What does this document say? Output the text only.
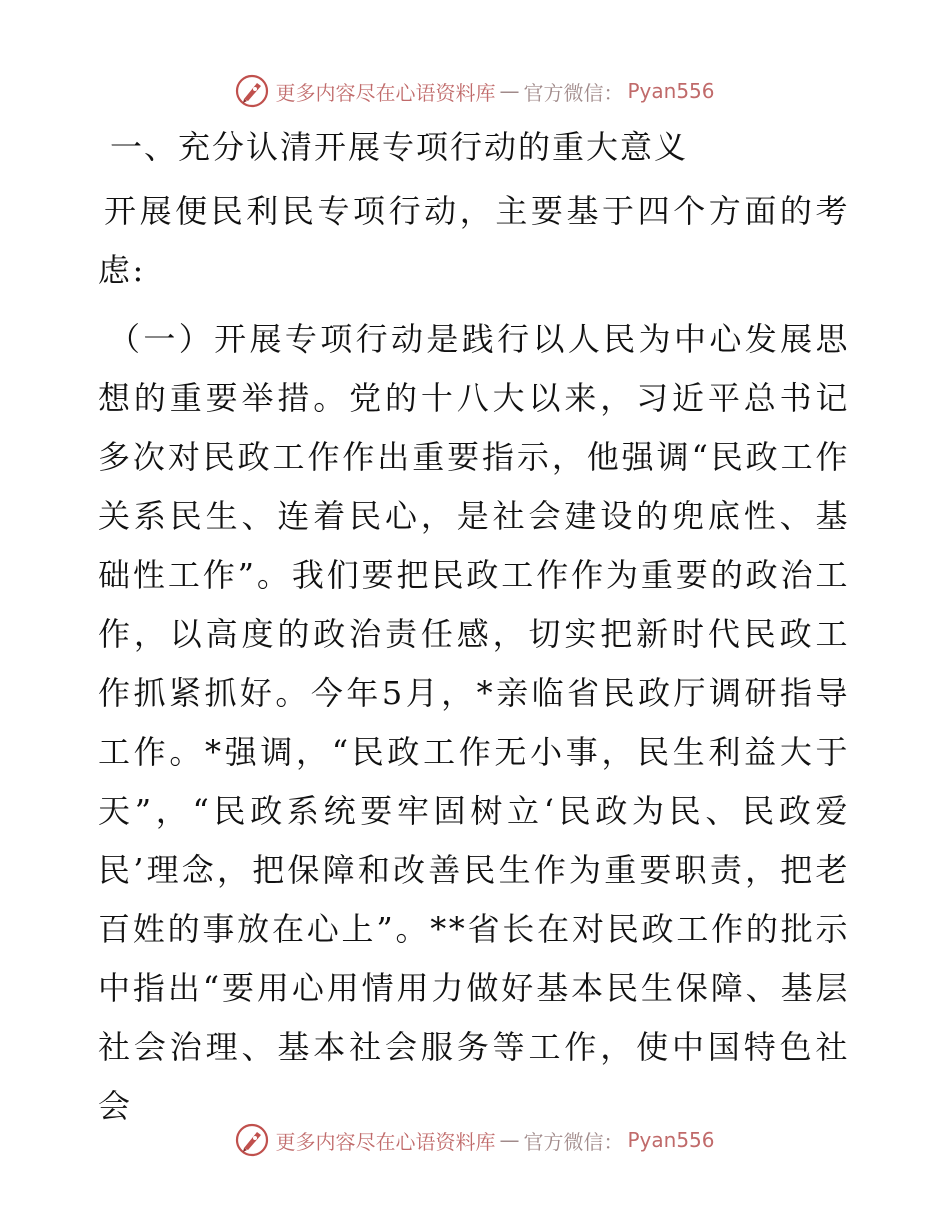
更多内容尽在心语资料库 — 官方微信： Pyan556
一、充分认清开展专项行动的重大意义

开展便民利民专项行动，主要基于四个方面的考虑:

（一）开展专项行动是践行以人民为中心发展思想的重要举措。党的十八大以来，习近平总书记多次对民政工作作出重要指示，他强调“民政工作关系民生、连着民心，是社会建设的兜底性、基础性工作”。我们要把民政工作作为重要的政治工作，以高度的政治责任感，切实把新时代民政工作抓紧抓好。今年5月，*亲临省民政厅调研指导工作。*强调，“民政工作无小事，民生利益大于天”，“民政系统要牢固树立‘民政为民、民政爱民’理念，把保障和改善民生作为重要职责，把老百姓的事放在心上”。**省长在对民政工作的批示中指出“要用心用情用力做好基本民生保障、基层社会治理、基本社会服务等工作，使中国特色社会

更多内容尽在心语资料库 — 官方微信： Pyan556
